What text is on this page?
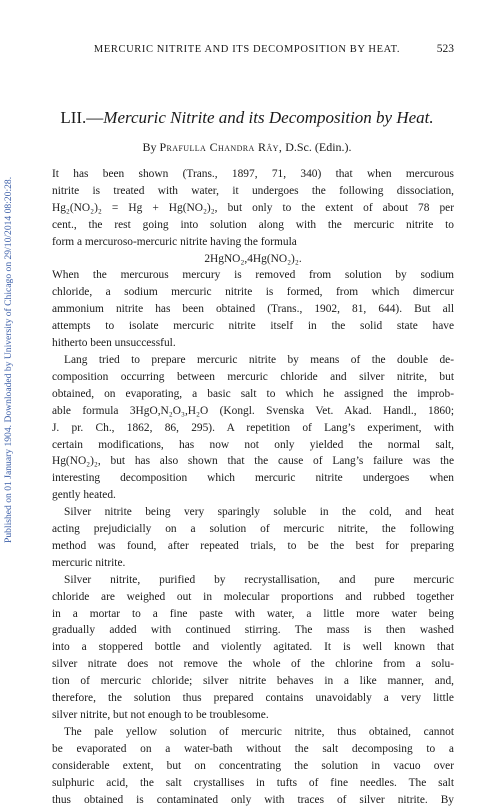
Published on 01 January 1904. Downloaded by University of Chicago on 29/10/2014 08:20:28.
MERCURIC NITRITE AND ITS DECOMPOSITION BY HEAT.	523
LII.—Mercuric Nitrite and its Decomposition by Heat.
By Prafulla Chandra Rây, D.Sc. (Edin.).

It has been shown (Trans., 1897, 71, 340) that when mercurous

nitrite is treated with water, it undergoes the following dissociation,

Hg₂(NO₂)₂ = Hg + Hg(NO₂)₂, but only to the extent of about 78 per

cent., the rest going into solution along with the mercuric nitrite to

form a mercuroso-mercuric nitrite having the formula

2HgNO₂,4Hg(NO₂)₂.

When the mercurous mercury is removed from solution by sodium

chloride, a sodium mercuric nitrite is formed, from which dimercur

ammonium nitrite has been obtained (Trans., 1902, 81, 644). But all

attempts to isolate mercuric nitrite itself in the solid state have

hitherto been unsuccessful.

Lang tried to prepare mercuric nitrite by means of the double de-

composition occurring between mercuric chloride and silver nitrite, but

obtained, on evaporating, a basic salt to which he assigned the improb-

able formula 3HgO,N₂O₃,H₂O (Kongl. Svenska Vet. Akad. Handl., 1860;

J. pr. Ch., 1862, 86, 295). A repetition of Lang’s experiment, with

certain modifications, has now not only yielded the normal salt,

Hg(NO₂)₂, but has also shown that the cause of Lang’s failure was the

interesting decomposition which mercuric nitrite undergoes when

gently heated.

Silver nitrite being very sparingly soluble in the cold, and heat

acting prejudicially on a solution of mercuric nitrite, the following

method was found, after repeated trials, to be the best for preparing

mercuric nitrite.

Silver nitrite, purified by recrystallisation, and pure mercuric

chloride are weighed out in molecular proportions and rubbed together

in a mortar to a fine paste with water, a little more water being

gradually added with continued stirring. The mass is then washed

into a stoppered bottle and violently agitated. It is well known that

silver nitrate does not remove the whole of the chlorine from a solu-

tion of mercuric chloride; silver nitrite behaves in a like manner, and,

therefore, the solution thus prepared contains unavoidably a very little

silver nitrite, but not enough to be troublesome.

The pale yellow solution of mercuric nitrite, thus obtained, cannot

be evaporated on a water-bath without the salt decomposing to a

considerable extent, but on concentrating the solution in vacuo over

sulphuric acid, the salt crystallises in tufts of fine needles. The salt

thus obtained is contaminated only with traces of silver nitrite. By
